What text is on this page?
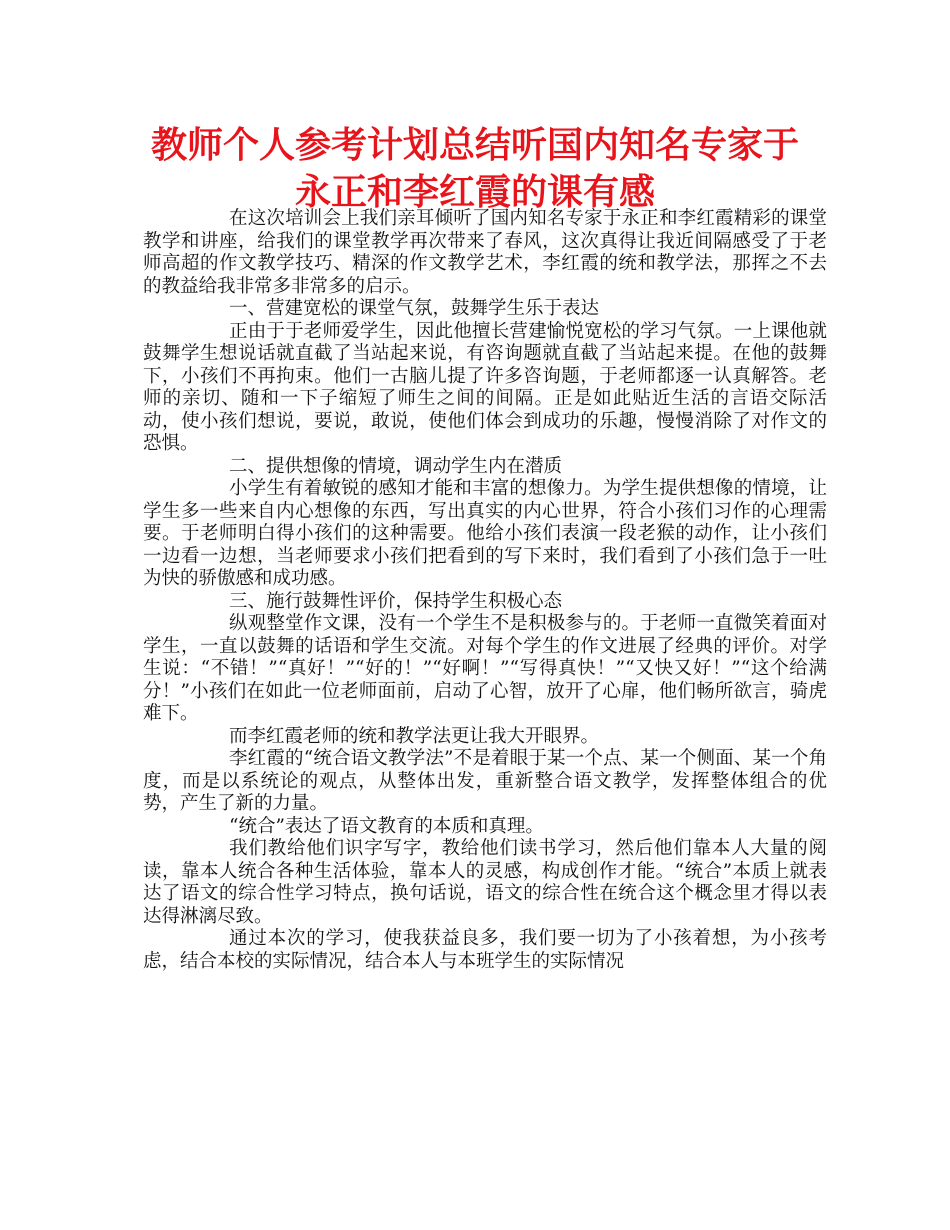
教师个人参考计划总结听国内知名专家于
永正和李红霞的课有感

在这次培训会上我们亲耳倾听了国内知名专家于永正和李红霞精彩的课堂教学和讲座，给我们的课堂教学再次带来了春风，这次真得让我近间隔感受了于老师高超的作文教学技巧、精深的作文教学艺术，李红霞的统和教学法，那挥之不去的教益给我非常多非常多的启示。

一、营建宽松的课堂气氛，鼓舞学生乐于表达

正由于于老师爱学生，因此他擅长营建愉悦宽松的学习气氛。一上课他就鼓舞学生想说话就直截了当站起来说，有咨询题就直截了当站起来提。在他的鼓舞下，小孩们不再拘束。他们一古脑儿提了许多咨询题，于老师都逐一认真解答。老师的亲切、随和一下子缩短了师生之间的间隔。正是如此贴近生活的言语交际活动，使小孩们想说，要说，敢说，使他们体会到成功的乐趣，慢慢消除了对作文的恐惧。

二、提供想像的情境，调动学生内在潜质

小学生有着敏锐的感知才能和丰富的想像力。为学生提供想像的情境，让学生多一些来自内心想像的东西，写出真实的内心世界，符合小孩们习作的心理需要。于老师明白得小孩们的这种需要。他给小孩们表演一段老猴的动作，让小孩们一边看一边想，当老师要求小孩们把看到的写下来时，我们看到了小孩们急于一吐为快的骄傲感和成功感。

三、施行鼓舞性评价，保持学生积极心态

纵观整堂作文课，没有一个学生不是积极参与的。于老师一直微笑着面对学生，一直以鼓舞的话语和学生交流。对每个学生的作文进展了经典的评价。对学生说：“不错！”“真好！”“好的！”“好啊！”“写得真快！”“又快又好！”“这个给满分！”小孩们在如此一位老师面前，启动了心智，放开了心扉，他们畅所欲言，骑虎难下。

而李红霞老师的统和教学法更让我大开眼界。

李红霞的“统合语文教学法”不是着眼于某一个点、某一个侧面、某一个角度，而是以系统论的观点，从整体出发，重新整合语文教学，发挥整体组合的优势，产生了新的力量。

“统合”表达了语文教育的本质和真理。

我们教给他们识字写字，教给他们读书学习，然后他们靠本人大量的阅读，靠本人统合各种生活体验，靠本人的灵感，构成创作才能。“统合”本质上就表达了语文的综合性学习特点，换句话说，语文的综合性在统合这个概念里才得以表达得淋漓尽致。

通过本次的学习，使我获益良多，我们要一切为了小孩着想，为小孩考虑，结合本校的实际情况，结合本人与本班学生的实际情况
